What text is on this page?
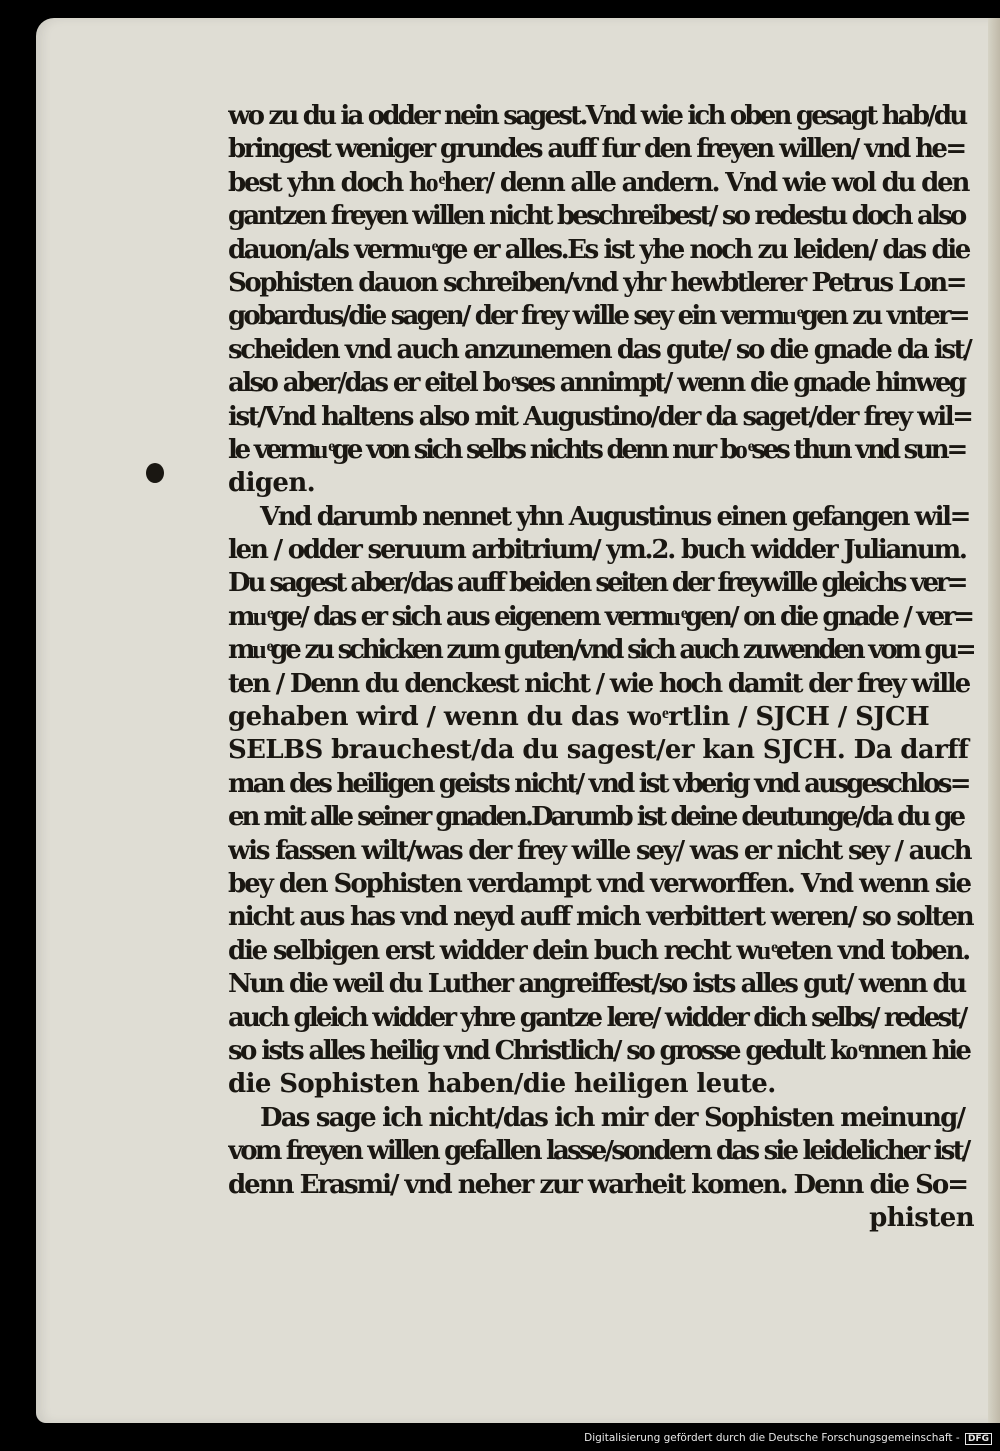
wo zu du ia odder nein sagest.Vnd wie ich oben gesagt hab/du
bringest weniger grundes auff fur den freyen willen/ vnd he=
best yhn doch hoͤher/ denn alle andern. Vnd wie wol du den
gantzen freyen willen nicht beschreibest/ so redestu doch also
dauon/als vermuͤge er alles.Es ist yhe noch zu leiden/ das die
Sophisten dauon schreiben/vnd yhr hewbtlerer Petrus Lon=
gobardus/die sagen/ der frey wille sey ein vermuͤgen zu vnter=
scheiden vnd auch anzunemen das gute/ so die gnade da ist/
also aber/das er eitel boͤses annimpt/ wenn die gnade hinweg
ist/Vnd haltens also mit Augustino/der da saget/der frey wil=
le vermuͤge von sich selbs nichts denn nur boͤses thun vnd sun=
digen.
Vnd darumb nennet yhn Augustinus einen gefangen wil=
len / odder seruum arbitrium/ ym.2. buch widder Julianum.
Du sagest aber/das auff beiden seiten der freywille gleichs ver=
muͤge/ das er sich aus eigenem vermuͤgen/ on die gnade / ver=
muͤge zu schicken zum guten/vnd sich auch zuwenden vom gu=
ten / Denn du denckest nicht / wie hoch damit der frey wille
gehaben wird / wenn du das woͤrtlin / SJCH / SJCH
SELBS brauchest/da du sagest/er kan SJCH. Da darff
man des heiligen geists nicht/ vnd ist vberig vnd ausgeschlos=
en mit alle seiner gnaden.Darumb ist deine deutunge/da du ge
wis fassen wilt/was der frey wille sey/ was er nicht sey / auch
bey den Sophisten verdampt vnd verworffen. Vnd wenn sie
nicht aus has vnd neyd auff mich verbittert weren/ so solten
die selbigen erst widder dein buch recht wuͤeten vnd toben.
Nun die weil du Luther angreiffest/so ists alles gut/ wenn du
auch gleich widder yhre gantze lere/ widder dich selbs/ redest/
so ists alles heilig vnd Christlich/ so grosse gedult koͤnnen hie
die Sophisten haben/die heiligen leute.
Das sage ich nicht/das ich mir der Sophisten meinung/
vom freyen willen gefallen lasse/sondern das sie leidelicher ist/
denn Erasmi/ vnd neher zur warheit komen. Denn die So=
phisten
Digitalisierung gefördert durch die Deutsche Forschungsgemeinschaft - DFG
